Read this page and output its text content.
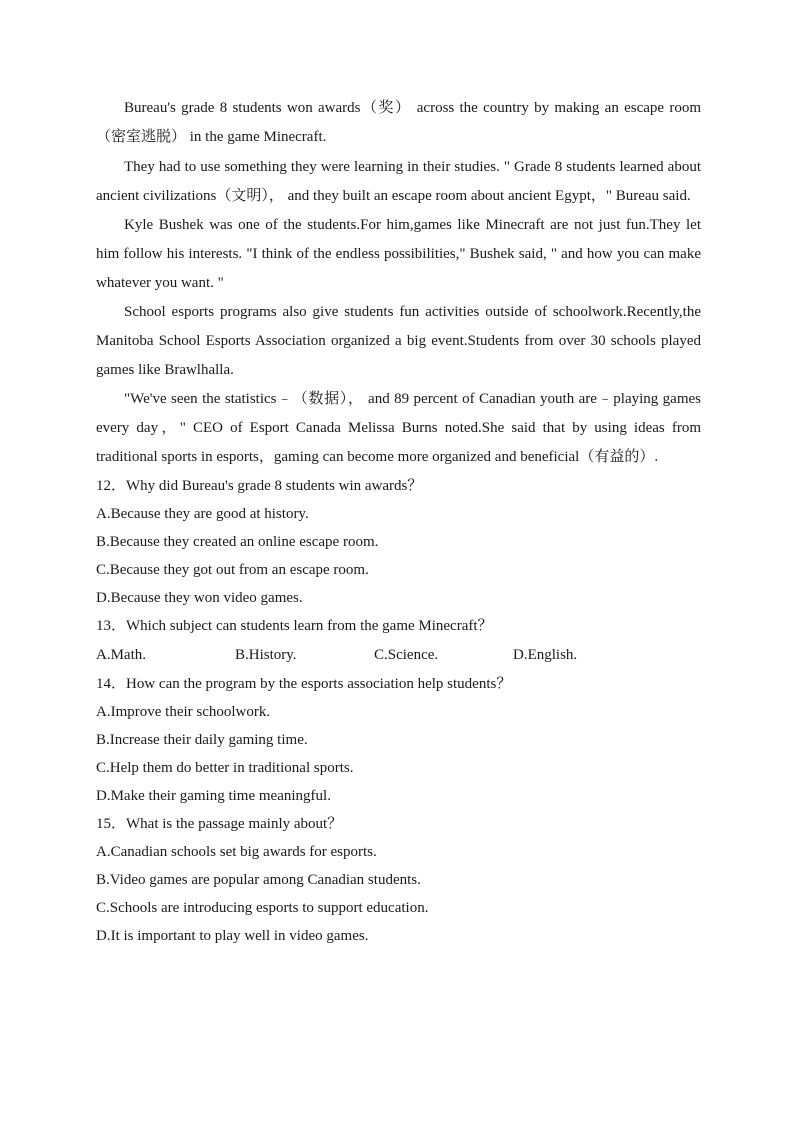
Bureau's grade 8 students won awards（奖） across the country by making an escape room（密室逃脱） in the game Minecraft.

They had to use something they were learning in their studies. " Grade 8 students learned about ancient civilizations（文明）， and they built an escape room about ancient Egypt，" Bureau said.

Kyle Bushek was one of the students.For him,games like Minecraft are not just fun.They let him follow his interests. "I think of the endless possibilities," Bushek said, " and how you can make whatever you want. "

School esports programs also give students fun activities outside of schoolwork.Recently,the Manitoba School Esports Association organized a big event.Students from over 30 schools played games like Brawlhalla.

"We've seen the statistics﹣（数据）， and 89 percent of Canadian youth are﹣playing games every day，" CEO of Esport Canada Melissa Burns noted.She said that by using ideas from traditional sports in esports，gaming can become more organized and beneficial（有益的）.

12．Why did Bureau's grade 8 students win awards？

A.Because they are good at history.

B.Because they created an online escape room.

C.Because they got out from an escape room.

D.Because they won video games.

13．Which subject can students learn from the game Minecraft？

A.Math.	B.History.	C.Science.	D.English.

14．How can the program by the esports association help students？

A.Improve their schoolwork.

B.Increase their daily gaming time.

C.Help them do better in traditional sports.

D.Make their gaming time meaningful.

15．What is the passage mainly about？

A.Canadian schools set big awards for esports.

B.Video games are popular among Canadian students.

C.Schools are introducing esports to support education.

D.It is important to play well in video games.
